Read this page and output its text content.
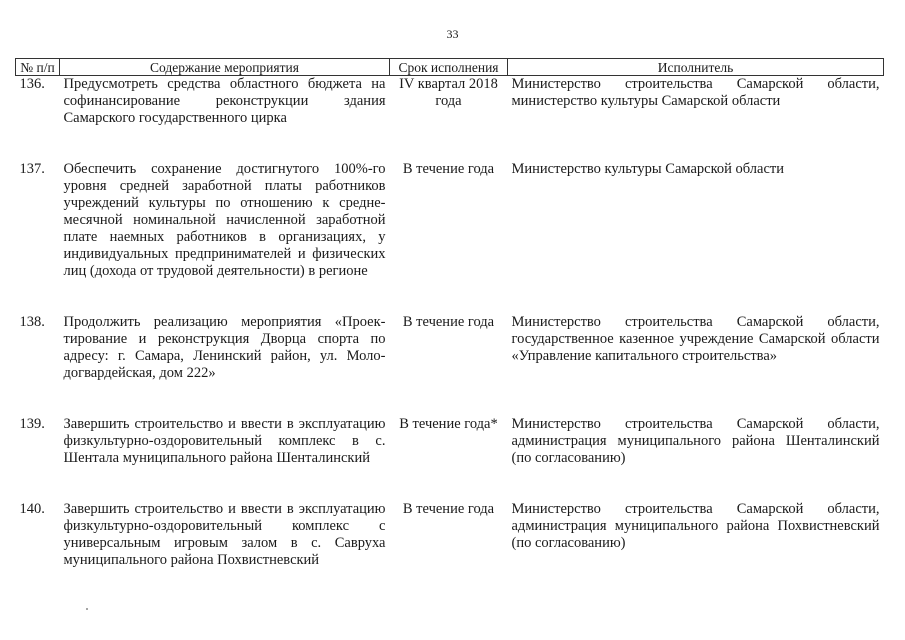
33
№ п/п	Содержание мероприятия	Срок исполнения	Исполнитель
136.	Предусмотреть средства областного бюджета на софинансирование реконструкции здания Самарского государственного цирка	IV квартал 2018 года	Министерство строительства Самарской области, министерство культуры Самарской области
137.	Обеспечить сохранение достигнутого 100%-го уровня средней заработной платы работников учреждений культуры по отношению к среднемесячной номинальной начисленной заработной плате наемных работников в организациях, у индивидуальных предпринимателей и физических лиц (дохода от трудовой деятельности) в регионе	В течение года	Министерство культуры Самарской области
138.	Продолжить реализацию мероприятия «Проектирование и реконструкция Дворца спорта по адресу: г. Самара, Ленинский район, ул. Молодогвардейская, дом 222»	В течение года	Министерство строительства Самарской области, государственное казенное учреждение Самарской области «Управление капитального строительства»
139.	Завершить строительство и ввести в эксплуатацию физкультурно-оздоровительный комплекс в с. Шентала муниципального района Шенталинский	В течение года*	Министерство строительства Самарской области, администрация муниципального района Шенталинский (по согласованию)
140.	Завершить строительство и ввести в эксплуатацию физкультурно-оздоровительный комплекс с универсальным игровым залом в с. Савруха муниципального района Похвистневский	В течение года	Министерство строительства Самарской области, администрация муниципального района Похвистневский (по согласованию)
